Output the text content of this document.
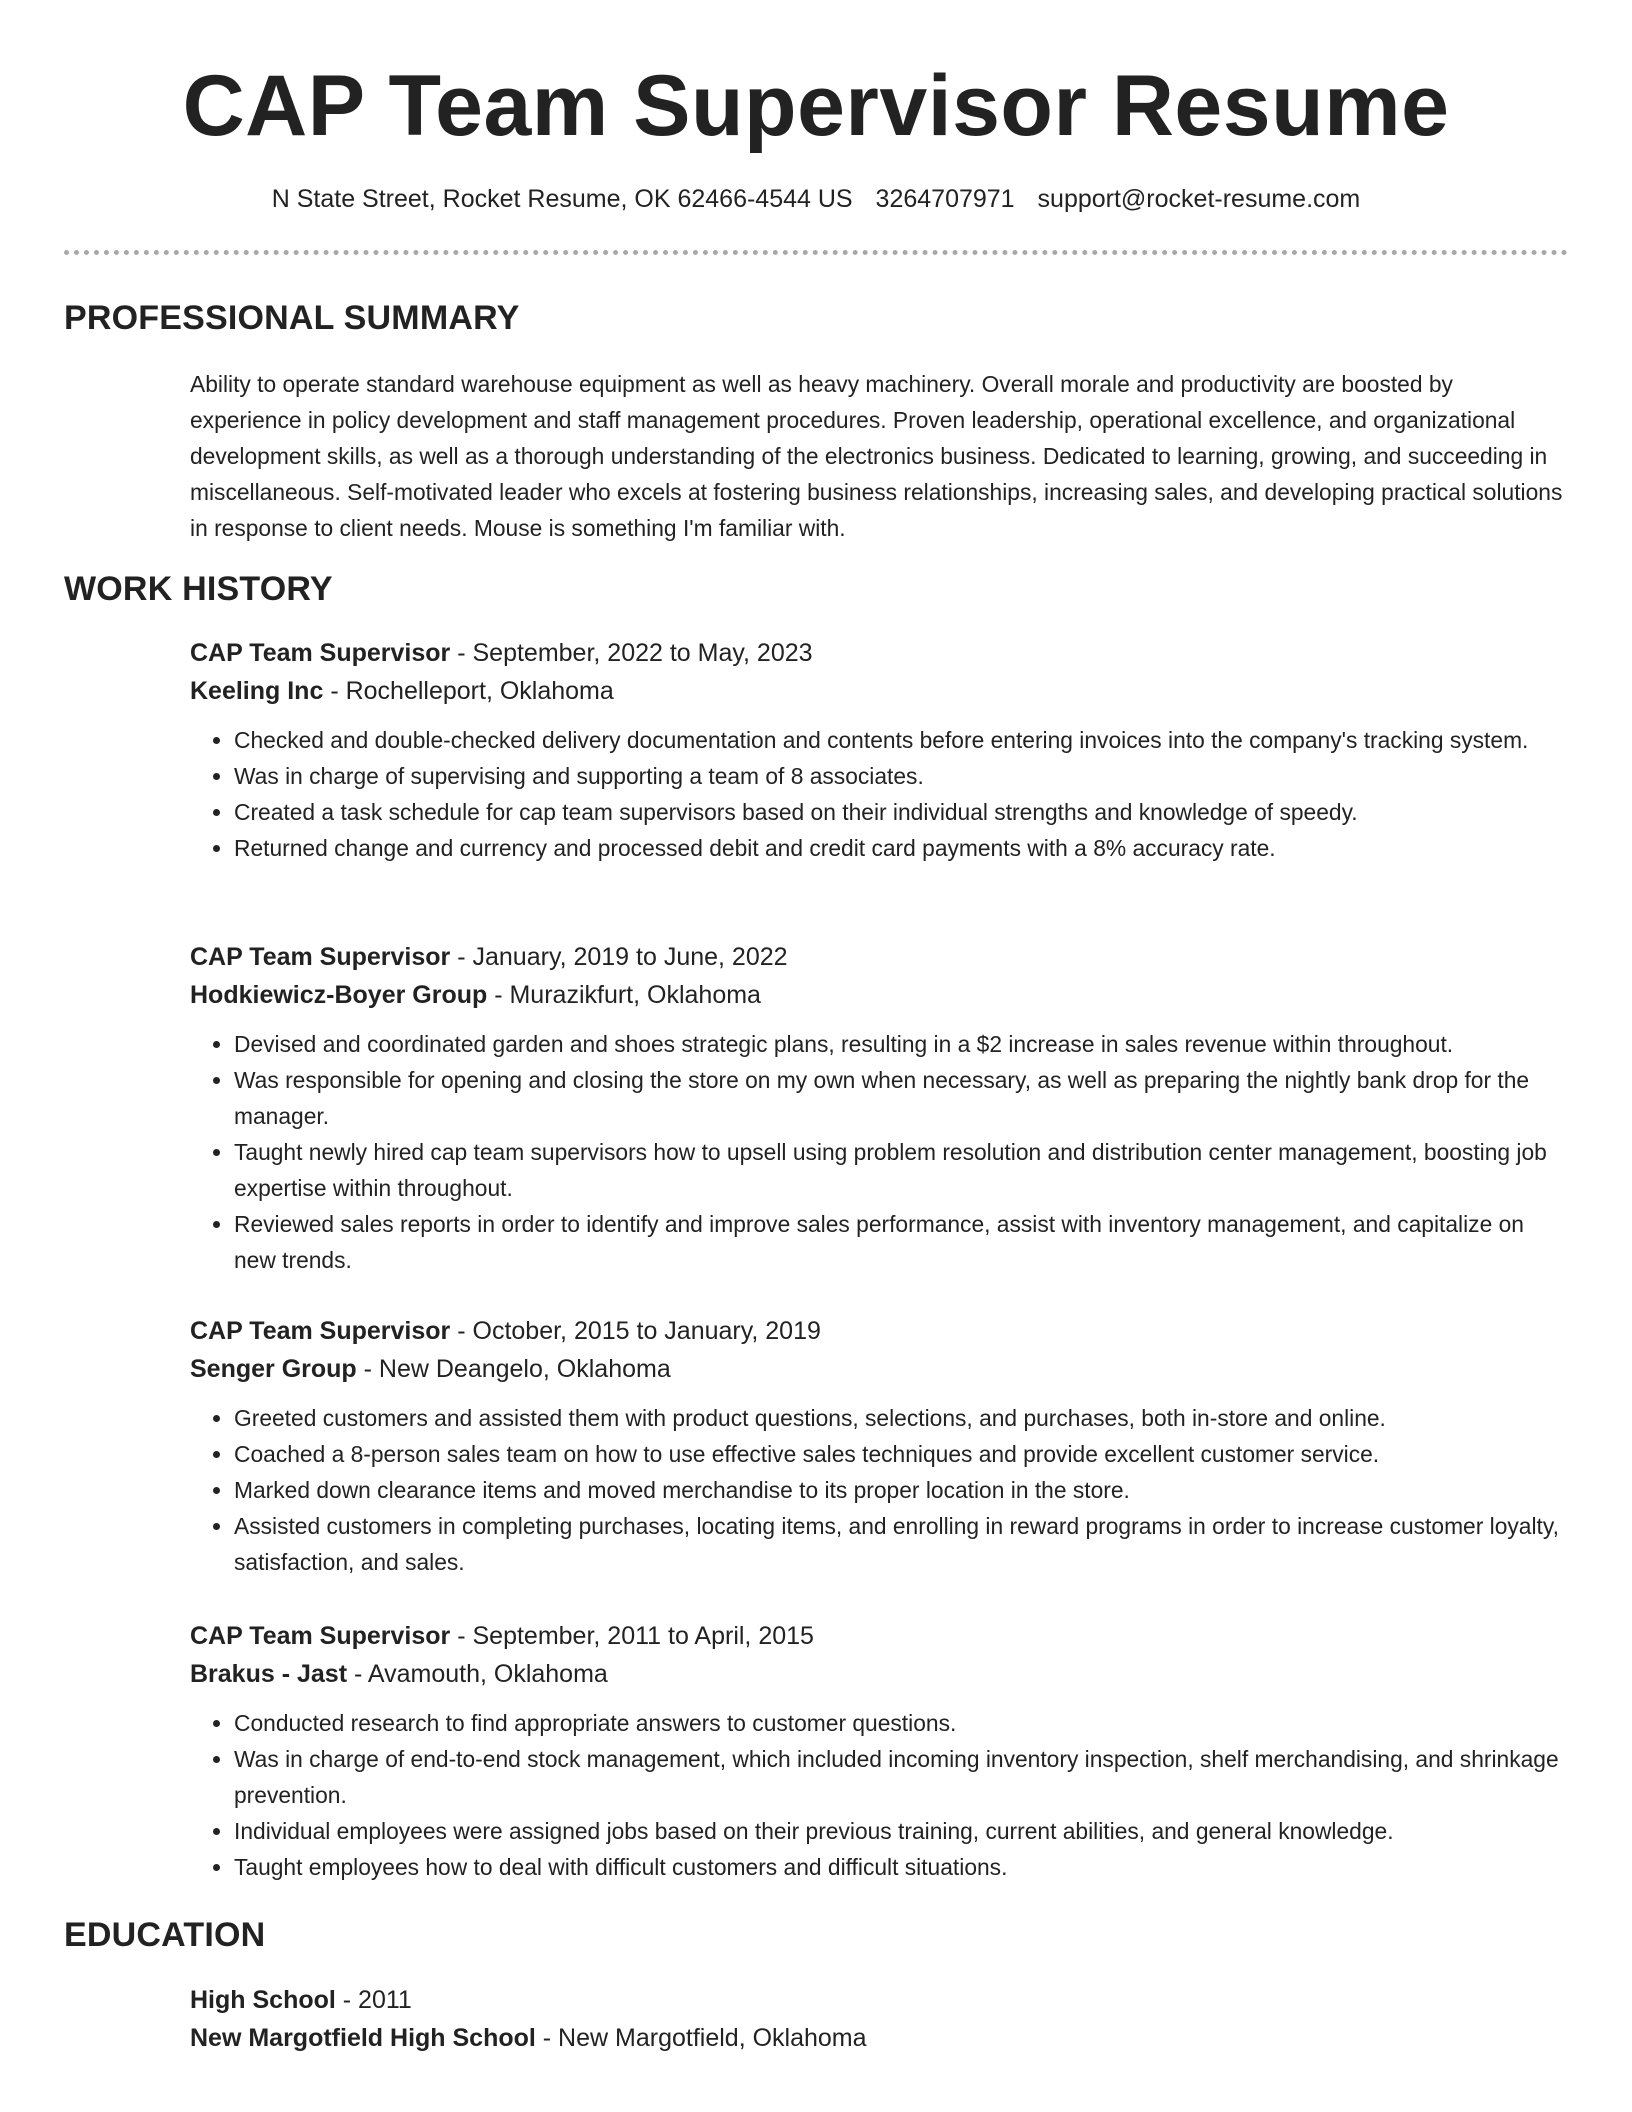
CAP Team Supervisor Resume
N State Street, Rocket Resume, OK 62466-4544 US 3264707971 support@rocket-resume.com
PROFESSIONAL SUMMARY

Ability to operate standard warehouse equipment as well as heavy machinery. Overall morale and productivity are boosted by experience in policy development and staff management procedures. Proven leadership, operational excellence, and organizational development skills, as well as a thorough understanding of the electronics business. Dedicated to learning, growing, and succeeding in miscellaneous. Self-motivated leader who excels at fostering business relationships, increasing sales, and developing practical solutions in response to client needs. Mouse is something I'm familiar with.

WORK HISTORY
CAP Team Supervisor - September, 2022 to May, 2023
Keeling Inc - Rochelleport, Oklahoma
• Checked and double-checked delivery documentation and contents before entering invoices into the company's tracking system.
• Was in charge of supervising and supporting a team of 8 associates.
• Created a task schedule for cap team supervisors based on their individual strengths and knowledge of speedy.
• Returned change and currency and processed debit and credit card payments with a 8% accuracy rate.
CAP Team Supervisor - January, 2019 to June, 2022
Hodkiewicz-Boyer Group - Murazikfurt, Oklahoma
• Devised and coordinated garden and shoes strategic plans, resulting in a $2 increase in sales revenue within throughout.
• Was responsible for opening and closing the store on my own when necessary, as well as preparing the nightly bank drop for the manager.
• Taught newly hired cap team supervisors how to upsell using problem resolution and distribution center management, boosting job expertise within throughout.
• Reviewed sales reports in order to identify and improve sales performance, assist with inventory management, and capitalize on new trends.
CAP Team Supervisor - October, 2015 to January, 2019
Senger Group - New Deangelo, Oklahoma
• Greeted customers and assisted them with product questions, selections, and purchases, both in-store and online.
• Coached a 8-person sales team on how to use effective sales techniques and provide excellent customer service.
• Marked down clearance items and moved merchandise to its proper location in the store.
• Assisted customers in completing purchases, locating items, and enrolling in reward programs in order to increase customer loyalty, satisfaction, and sales.
CAP Team Supervisor - September, 2011 to April, 2015
Brakus - Jast - Avamouth, Oklahoma
• Conducted research to find appropriate answers to customer questions.
• Was in charge of end-to-end stock management, which included incoming inventory inspection, shelf merchandising, and shrinkage prevention.
• Individual employees were assigned jobs based on their previous training, current abilities, and general knowledge.
• Taught employees how to deal with difficult customers and difficult situations.
EDUCATION
High School - 2011
New Margotfield High School - New Margotfield, Oklahoma
